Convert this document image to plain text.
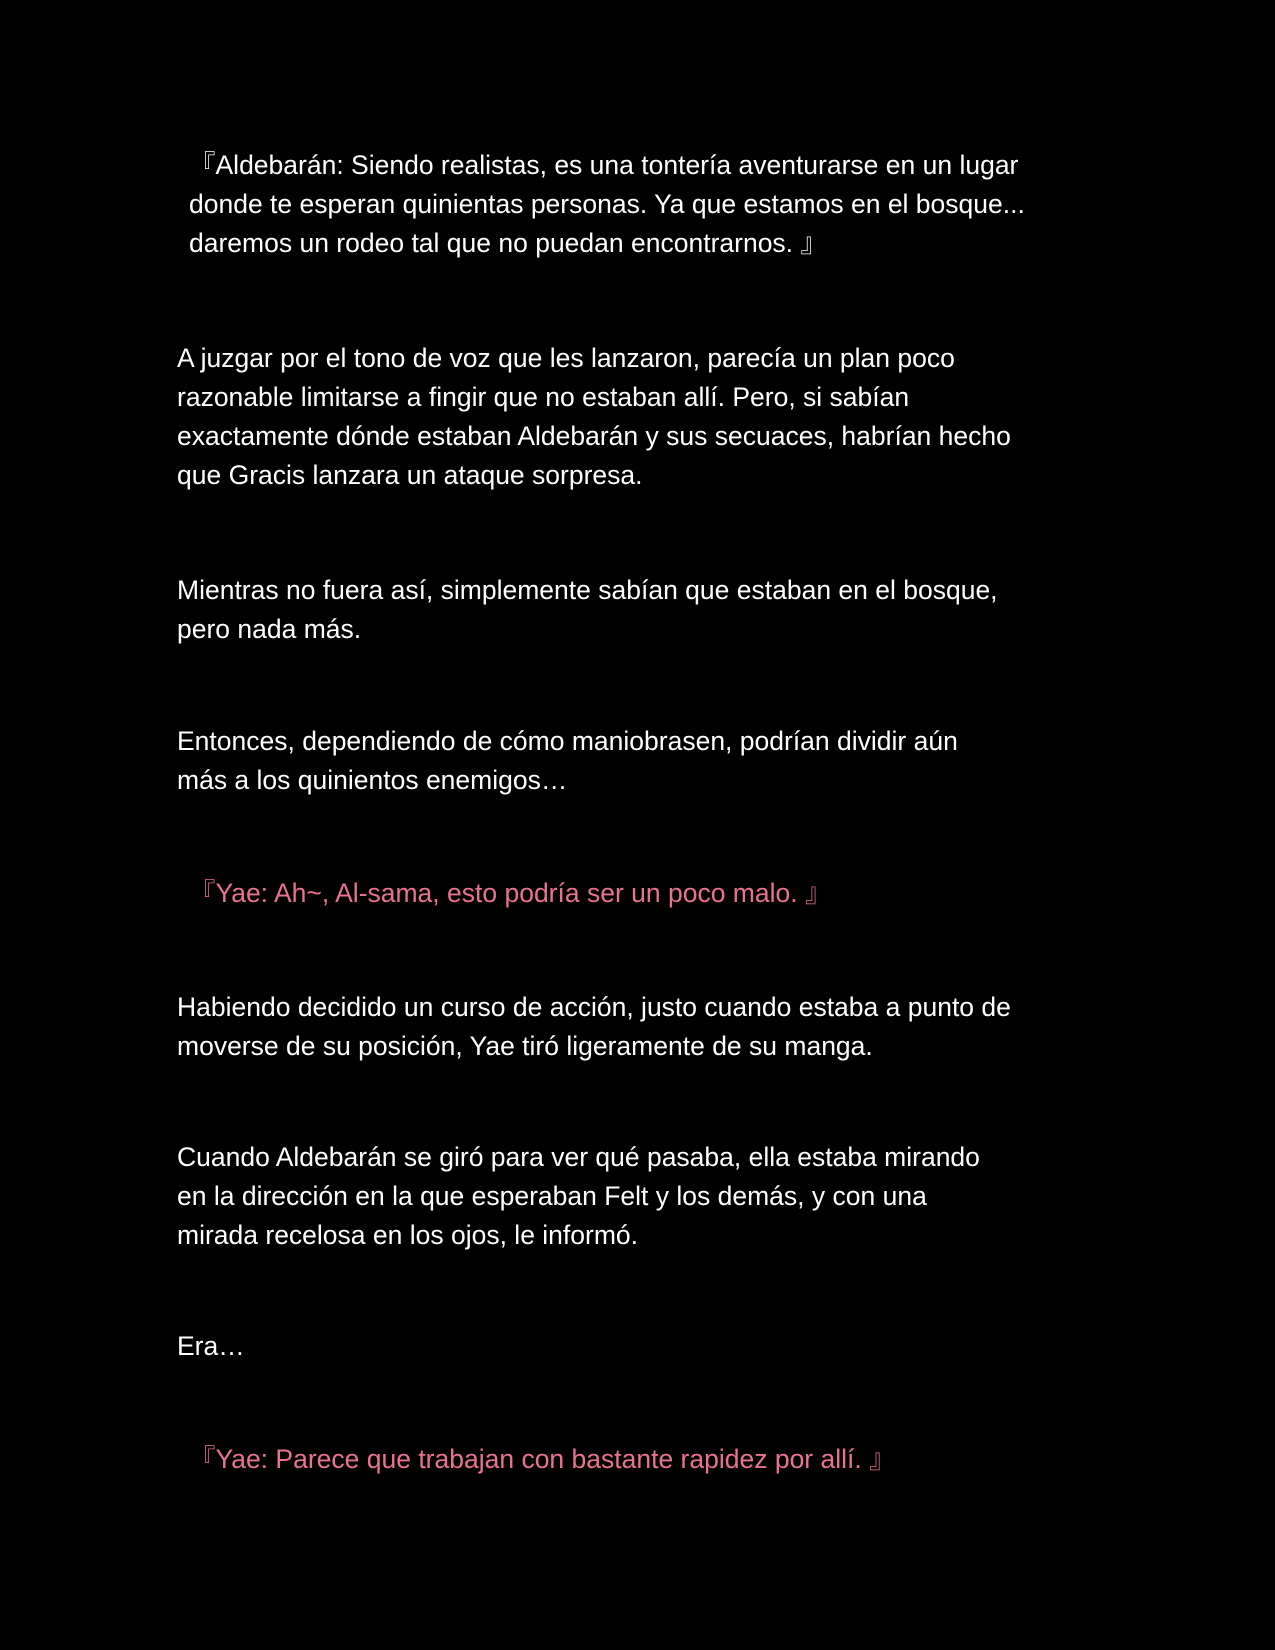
『Aldebarán: Siendo realistas, es una tontería aventurarse en un lugar
donde te esperan quinientas personas. Ya que estamos en el bosque...
daremos un rodeo tal que no puedan encontrarnos. 』

A juzgar por el tono de voz que les lanzaron, parecía un plan poco
razonable limitarse a fingir que no estaban allí. Pero, si sabían
exactamente dónde estaban Aldebarán y sus secuaces, habrían hecho
que Gracis lanzara un ataque sorpresa.

Mientras no fuera así, simplemente sabían que estaban en el bosque,
pero nada más.

Entonces, dependiendo de cómo maniobrasen, podrían dividir aún
más a los quinientos enemigos…

『Yae: Ah~, Al-sama, esto podría ser un poco malo. 』

Habiendo decidido un curso de acción, justo cuando estaba a punto de
moverse de su posición, Yae tiró ligeramente de su manga.

Cuando Aldebarán se giró para ver qué pasaba, ella estaba mirando
en la dirección en la que esperaban Felt y los demás, y con una
mirada recelosa en los ojos, le informó.

Era…

『Yae: Parece que trabajan con bastante rapidez por allí. 』
